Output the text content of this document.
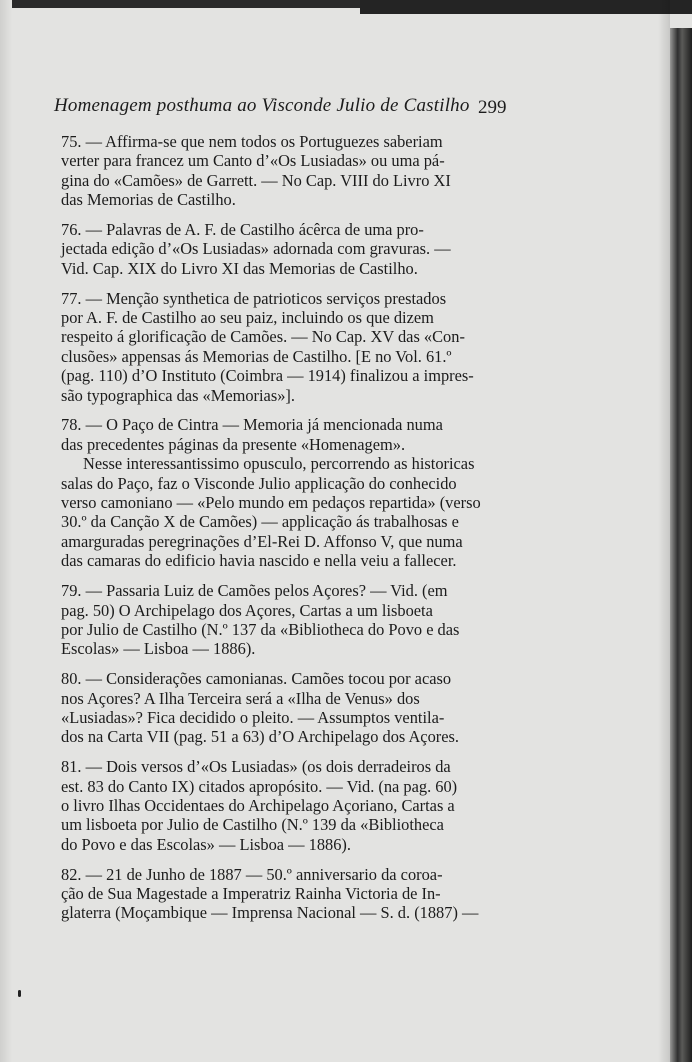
Homenagem posthuma ao Visconde Julio de Castilho 299
75. — Affirma-se que nem todos os Portuguezes saberiam
verter para francez um Canto d’«Os Lusiadas» ou uma pá-
gina do «Camões» de Garrett. — No Cap. VIII do Livro XI
das Memorias de Castilho.
76. — Palavras de A. F. de Castilho ácêrca de uma pro-
jectada edição d’«Os Lusiadas» adornada com gravuras. —
Vid. Cap. XIX do Livro XI das Memorias de Castilho.
77. — Menção synthetica de patrioticos serviços prestados
por A. F. de Castilho ao seu paiz, incluindo os que dizem
respeito á glorificação de Camões. — No Cap. XV das «Con-
clusões» appensas ás Memorias de Castilho. [E no Vol. 61.º
(pag. 110) d’O Instituto (Coimbra — 1914) finalizou a impres-
são typographica das «Memorias»].
78. — O Paço de Cintra — Memoria já mencionada numa
das precedentes páginas da presente «Homenagem».
Nesse interessantissimo opusculo, percorrendo as historicas
salas do Paço, faz o Visconde Julio applicação do conhecido
verso camoniano — «Pelo mundo em pedaços repartida» (verso
30.º da Canção X de Camões) — applicação ás trabalhosas e
amarguradas peregrinações d’El-Rei D. Affonso V, que numa
das camaras do edificio havia nascido e nella veiu a fallecer.
79. — Passaria Luiz de Camões pelos Açores? — Vid. (em
pag. 50) O Archipelago dos Açores, Cartas a um lisboeta
por Julio de Castilho (N.º 137 da «Bibliotheca do Povo e das
Escolas» — Lisboa — 1886).
80. — Considerações camonianas. Camões tocou por acaso
nos Açores? A Ilha Terceira será a «Ilha de Venus» dos
«Lusiadas»? Fica decidido o pleito. — Assumptos ventila-
dos na Carta VII (pag. 51 a 63) d’O Archipelago dos Açores.
81. — Dois versos d’«Os Lusiadas» (os dois derradeiros da
est. 83 do Canto IX) citados apropósito. — Vid. (na pag. 60)
o livro Ilhas Occidentaes do Archipelago Açoriano, Cartas a
um lisboeta por Julio de Castilho (N.º 139 da «Bibliotheca
do Povo e das Escolas» — Lisboa — 1886).
82. — 21 de Junho de 1887 — 50.º anniversario da coroa-
ção de Sua Magestade a Imperatriz Rainha Victoria de In-
glaterra (Moçambique — Imprensa Nacional — S. d. (1887) —
